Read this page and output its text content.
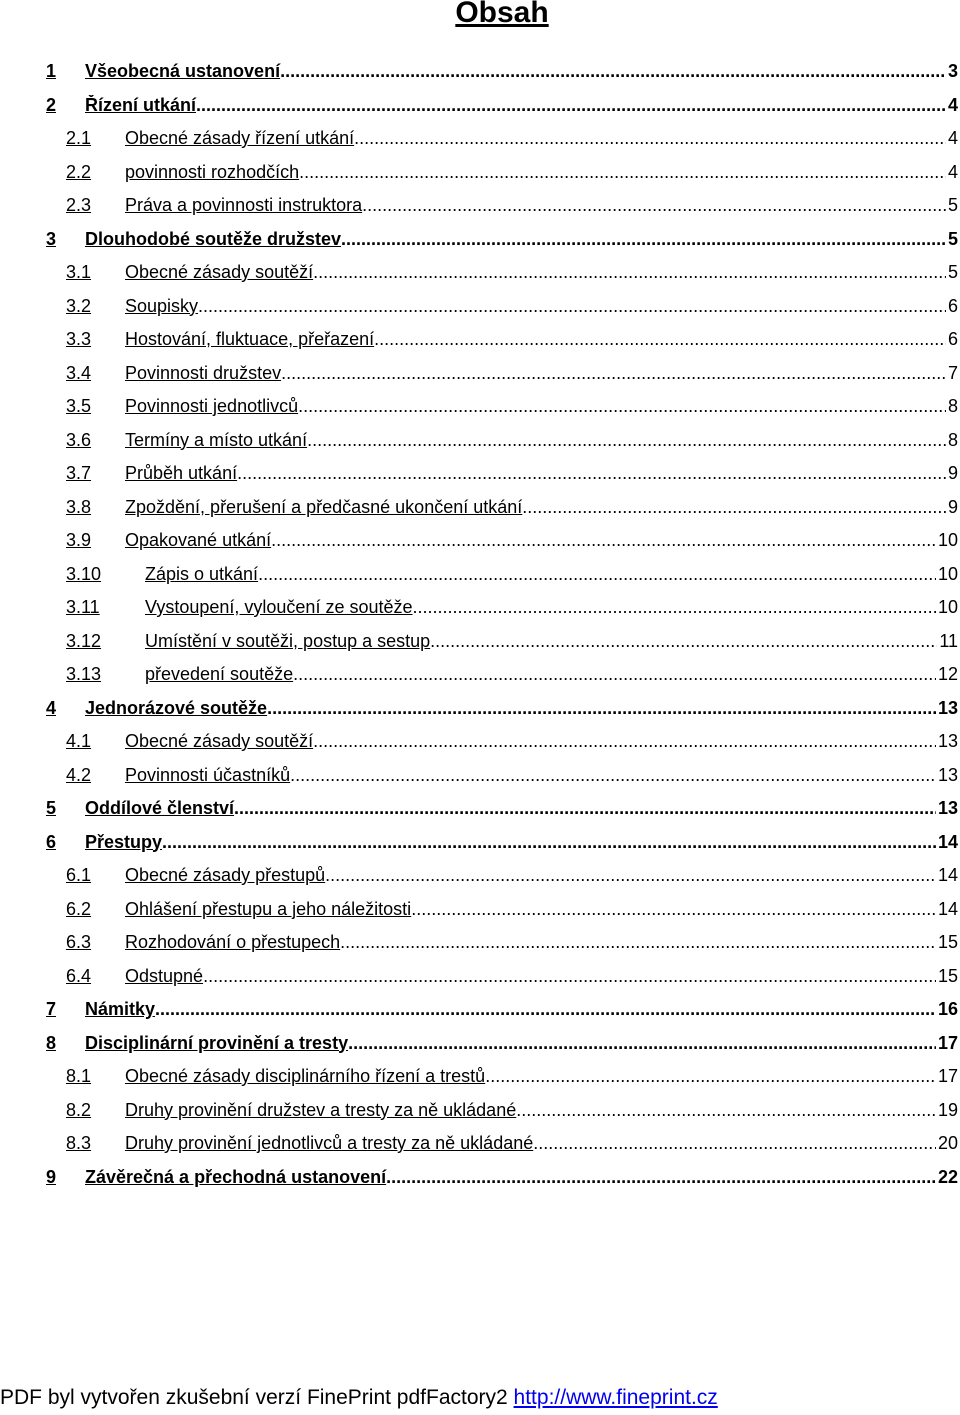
Obsah
1 Všeobecná ustanovení .....	3
2 Řízení utkání .....	4
2.1 Obecné zásady řízení utkání .....	4
2.2 povinnosti rozhodčích .....	4
2.3 Práva a povinnosti instruktora .....	5
3 Dlouhodobé soutěže družstev .....	5
3.1 Obecné zásady soutěží .....	5
3.2 Soupisky .....	6
3.3 Hostování, fluktuace, přeřazení .....	6
3.4 Povinnosti družstev .....	7
3.5 Povinnosti jednotlivců .....	8
3.6 Termíny a místo utkání .....	8
3.7 Průběh utkání .....	9
3.8 Zpoždění, přerušení a předčasné ukončení utkání .....	9
3.9 Opakované utkání .....	10
3.10 Zápis o utkání .....	10
3.11	Vystoupení, vyloučení ze soutěže .....	10
3.12 Umístění v soutěži, postup a sestup .....	11
3.13 převedení soutěže .....	12
4 Jednorázové soutěže .....	13
4.1 Obecné zásady soutěží .....	13
4.2 Povinnosti účastníků .....	13
5 Oddílové členství .....	13
6 Přestupy .....	14
6.1 Obecné zásady přestupů .....	14
6.2 Ohlášení přestupu a jeho náležitosti .....	14
6.3 Rozhodování o přestupech .....	15
6.4 Odstupné .....	15
7 Námitky .....	16
8 Disciplinární provinění a tresty .....	17
8.1 Obecné zásady disciplinárního řízení a trestů .....	17
8.2 Druhy provinění družstev a tresty za ně ukládané .....	19
8.3 Druhy provinění jednotlivců a tresty za ně ukládané .....	20
9 Závěrečná a přechodná ustanovení .....	22
PDF byl vytvořen zkušební verzí FinePrint pdfFactory2 http://www.fineprint.cz
